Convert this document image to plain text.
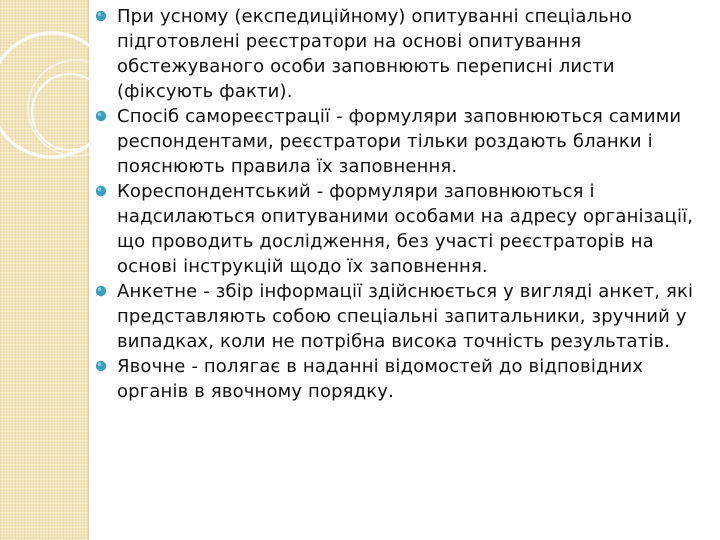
При усному (експедиційному) опитуванні спеціально підготовлені реєстратори на основі опитування обстежуваного особи заповнюють переписні листи (фіксують факти).
Спосіб самореєстрації - формуляри заповнюються самими респондентами, реєстратори тільки роздають бланки і пояснюють правила їх заповнення.
Кореспондентський - формуляри заповнюються і надсилаються опитуваними особами на адресу організації, що проводить дослідження, без участі реєстраторів на основі інструкцій щодо їх заповнення.
Анкетне - збір інформації здійснюється у вигляді анкет, які представляють собою спеціальні запитальники, зручний у випадках, коли не потрібна висока точність результатів.
Явочне - полягає в наданні відомостей до відповідних органів в явочному порядку.
